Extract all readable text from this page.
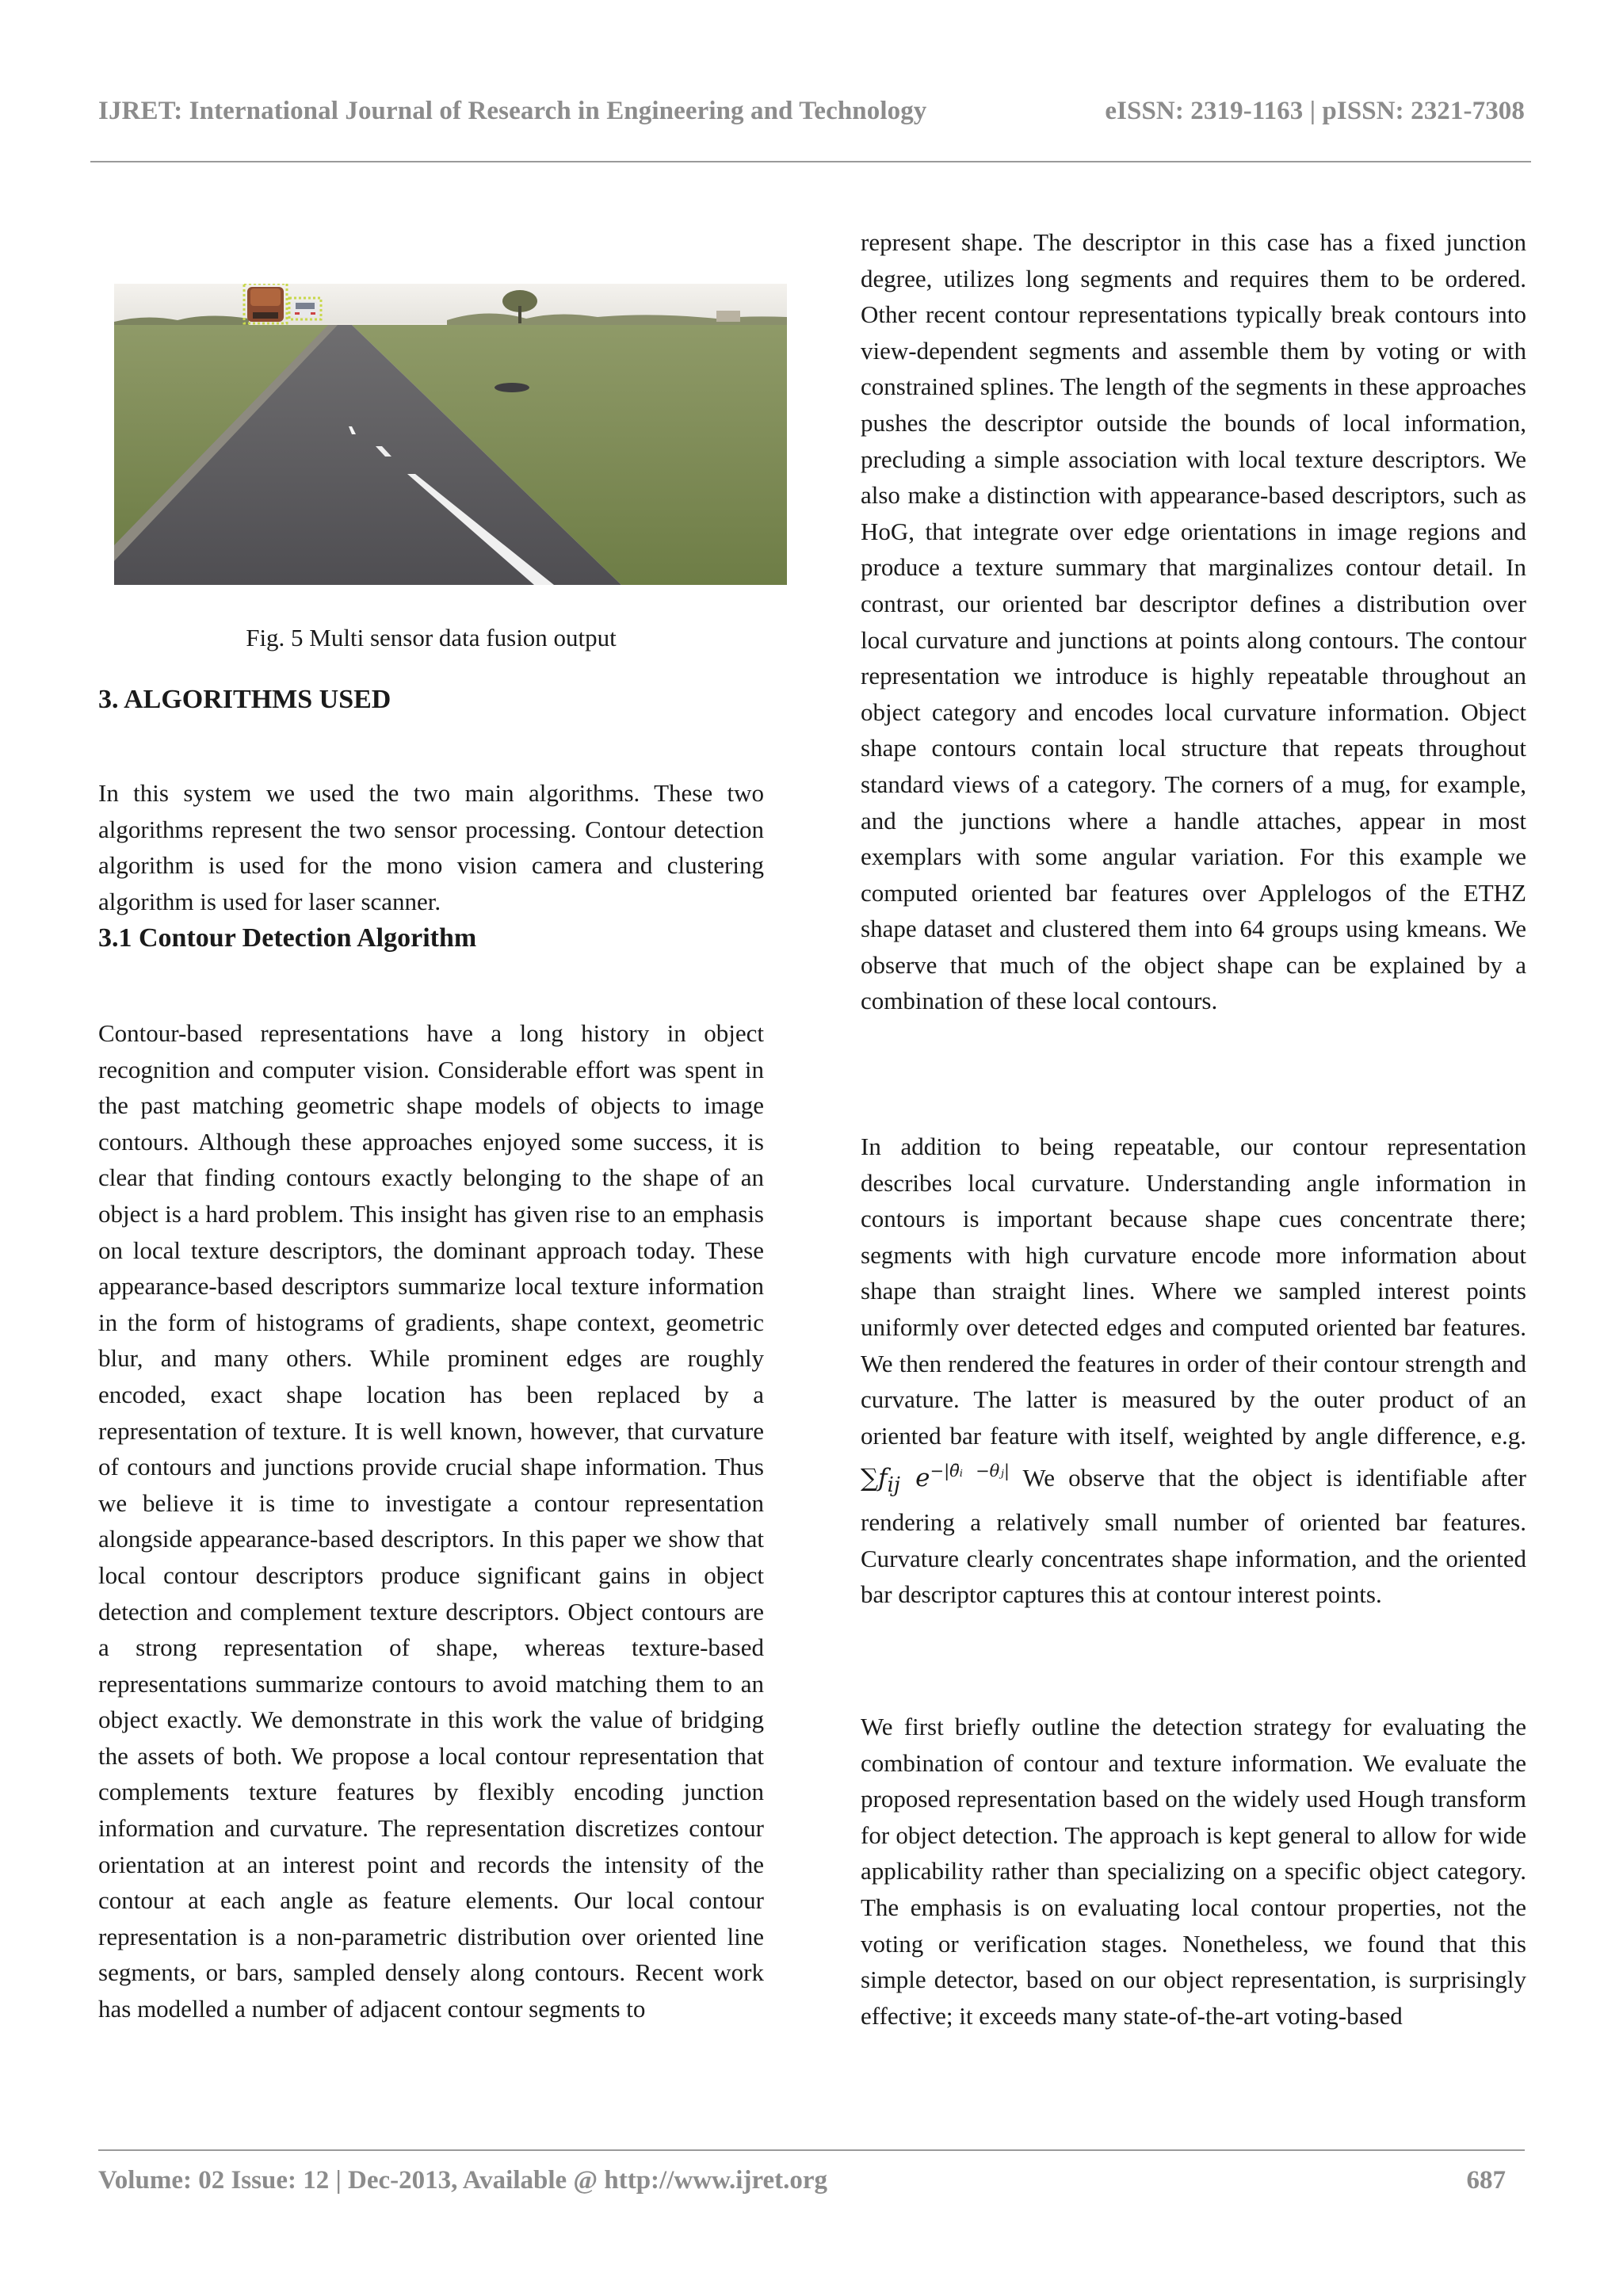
IJRET: International Journal of Research in Engineering and Technology	eISSN: 2319-1163 | pISSN: 2321-7308
Fig. 5 Multi sensor data fusion output
3. ALGORITHMS USED

In this system we used the two main algorithms. These two algorithms represent the two sensor processing. Contour detection algorithm is used for the mono vision camera and clustering algorithm is used for laser scanner.

3.1 Contour Detection Algorithm

Contour-based representations have a long history in object recognition and computer vision. Considerable effort was spent in the past matching geometric shape models of objects to image contours. Although these approaches enjoyed some success, it is clear that finding contours exactly belonging to the shape of an object is a hard problem. This insight has given rise to an emphasis on local texture descriptors, the dominant approach today. These appearance-based descriptors summarize local texture information in the form of histograms of gradients, shape context, geometric blur, and many others. While prominent edges are roughly encoded, exact shape location has been replaced by a representation of texture. It is well known, however, that curvature of contours and junctions provide crucial shape information. Thus we believe it is time to investigate a contour representation alongside appearance-based descriptors. In this paper we show that local contour descriptors produce significant gains in object detection and complement texture descriptors. Object contours are a strong representation of shape, whereas texture-based representations summarize contours to avoid matching them to an object exactly. We demonstrate in this work the value of bridging the assets of both. We propose a local contour representation that complements texture features by flexibly encoding junction information and curvature. The representation discretizes contour orientation at an interest point and records the intensity of the contour at each angle as feature elements. Our local contour representation is a non-parametric distribution over oriented line segments, or bars, sampled densely along contours. Recent work has modelled a number of adjacent contour segments to

represent shape. The descriptor in this case has a fixed junction degree, utilizes long segments and requires them to be ordered. Other recent contour representations typically break contours into view-dependent segments and assemble them by voting or with constrained splines. The length of the segments in these approaches pushes the descriptor outside the bounds of local information, precluding a simple association with local texture descriptors. We also make a distinction with appearance-based descriptors, such as HoG, that integrate over edge orientations in image regions and produce a texture summary that marginalizes contour detail. In contrast, our oriented bar descriptor defines a distribution over local curvature and junctions at points along contours. The contour representation we introduce is highly repeatable throughout an object category and encodes local curvature information. Object shape contours contain local structure that repeats throughout standard views of a category. The corners of a mug, for example, and the junctions where a handle attaches, appear in most exemplars with some angular variation. For this example we computed oriented bar features over Applelogos of the ETHZ shape dataset and clustered them into 64 groups using kmeans. We observe that much of the object shape can be explained by a combination of these local contours.

In addition to being repeatable, our contour representation describes local curvature. Understanding angle information in contours is important because shape cues concentrate there; segments with high curvature encode more information about shape than straight lines. Where we sampled interest points uniformly over detected edges and computed oriented bar features. We then rendered the features in order of their contour strength and curvature. The latter is measured by the outer product of an oriented bar feature with itself, weighted by angle difference, e.g. $\sum f_{ij}$ $e^{-|\thetāᵢ -\theta ⱼ|}$ We observe that the object is identifiable after rendering a relatively small number of oriented bar features. Curvature clearly concentrates shape information, and the oriented bar descriptor captures this at contour interest points.

We first briefly outline the detection strategy for evaluating the combination of contour and texture information. We evaluate the proposed representation based on the widely used Hough transform for object detection. The approach is kept general to allow for wide applicability rather than specializing on a specific object category. The emphasis is on evaluating local contour properties, not the voting or verification stages. Nonetheless, we found that this simple detector, based on our object representation, is surprisingly effective; it exceeds many state-of-the-art voting-based

Volume: 02 Issue: 12 | Dec-2013, Available @ http://www.ijret.org	687
